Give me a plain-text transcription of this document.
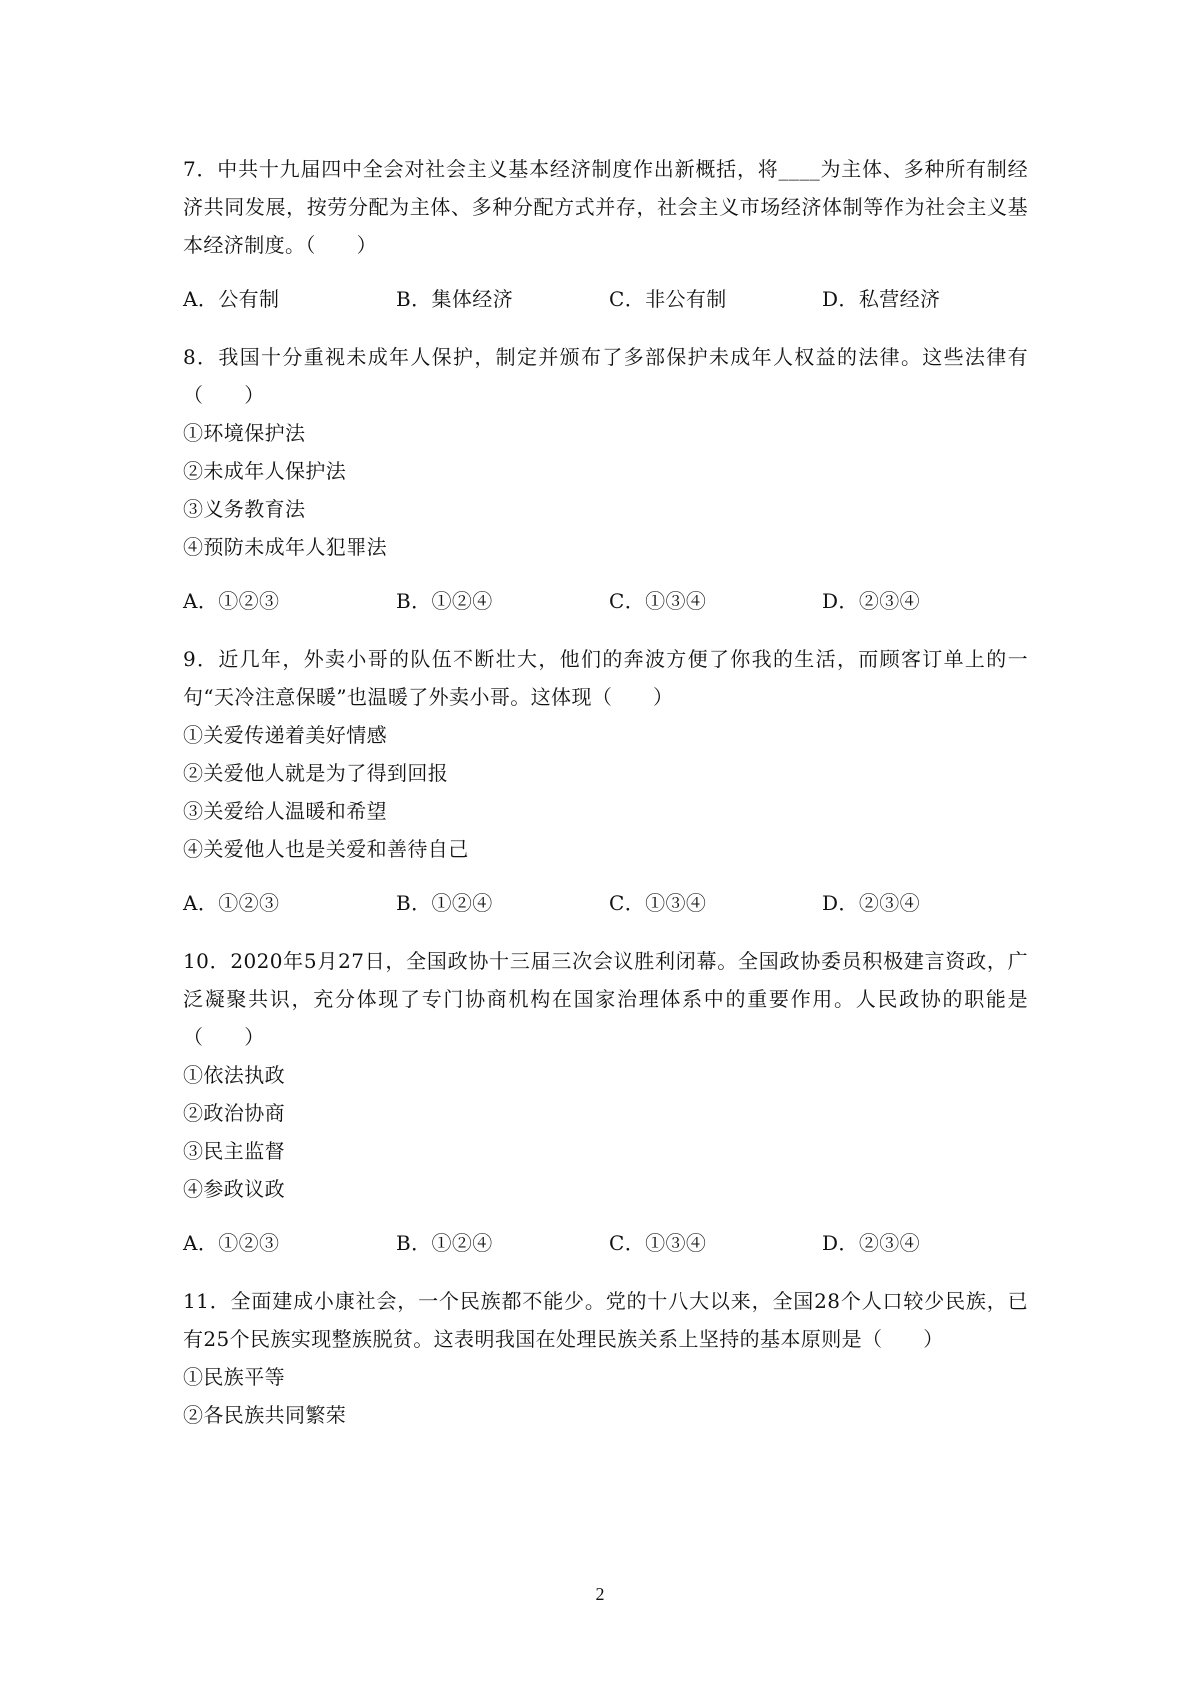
7．中共十九届四中全会对社会主义基本经济制度作出新概括，将____为主体、多种所有制经济共同发展，按劳分配为主体、多种分配方式并存，社会主义市场经济体制等作为社会主义基本经济制度。（　　）

A．公有制	B．集体经济	C．非公有制	D．私营经济

8．我国十分重视未成年人保护，制定并颁布了多部保护未成年人权益的法律。这些法律有（　　）

①环境保护法

②未成年人保护法

③义务教育法

④预防未成年人犯罪法

A．①②③	B．①②④	C．①③④	D．②③④

9．近几年，外卖小哥的队伍不断壮大，他们的奔波方便了你我的生活，而顾客订单上的一句“天冷注意保暖”也温暖了外卖小哥。这体现（　　）

①关爱传递着美好情感

②关爱他人就是为了得到回报

③关爱给人温暖和希望

④关爱他人也是关爱和善待自己

A．①②③	B．①②④	C．①③④	D．②③④

10．2020年5月27日，全国政协十三届三次会议胜利闭幕。全国政协委员积极建言资政，广泛凝聚共识，充分体现了专门协商机构在国家治理体系中的重要作用。人民政协的职能是（　　）

①依法执政

②政治协商

③民主监督

④参政议政

A．①②③	B．①②④	C．①③④	D．②③④

11．全面建成小康社会，一个民族都不能少。党的十八大以来，全国28个人口较少民族，已有25个民族实现整族脱贫。这表明我国在处理民族关系上坚持的基本原则是（　　）

①民族平等

②各民族共同繁荣

2
